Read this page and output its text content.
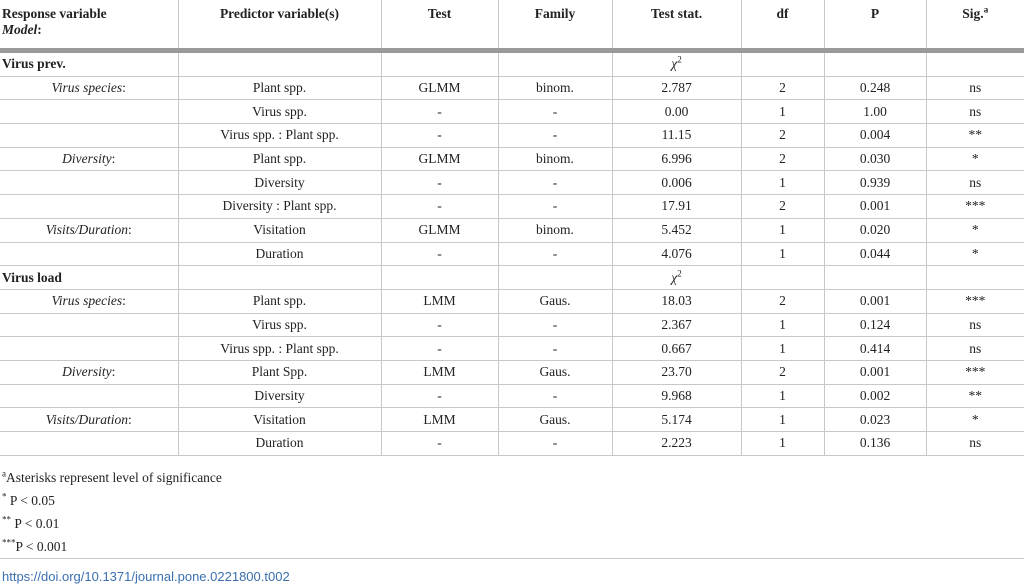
Response variable
Model:	Predictor variable(s)	Test	Family	Test stat.	df	P	Sig.$^a$
Virus prev.				$\chi^2$			
Virus species:	Plant spp.	GLMM	binom.	2.787	2	0.248	ns
	Virus spp.	-	-	0.00	1	1.00	ns
	Virus spp. : Plant spp.	-	-	11.15	2	0.004	**
Diversity:	Plant spp.	GLMM	binom.	6.996	2	0.030	*
	Diversity	-	-	0.006	1	0.939	ns
	Diversity : Plant spp.	-	-	17.91	2	0.001	***
Visits/Duration:	Visitation	GLMM	binom.	5.452	1	0.020	*
	Duration	-	-	4.076	1	0.044	*
Virus load				$\chi^2$			
Virus species:	Plant spp.	LMM	Gaus.	18.03	2	0.001	***
	Virus spp.	-	-	2.367	1	0.124	ns
	Virus spp. : Plant spp.	-	-	0.667	1	0.414	ns
Diversity:	Plant Spp.	LMM	Gaus.	23.70	2	0.001	***
	Diversity	-	-	9.968	1	0.002	**
Visits/Duration:	Visitation	LMM	Gaus.	5.174	1	0.023	*
	Duration	-	-	2.223	1	0.136	ns
$^a$Asterisks represent level of significance
* P < 0.05
** P < 0.01
***P < 0.001
https://doi.org/10.1371/journal.pone.0221800.t002
